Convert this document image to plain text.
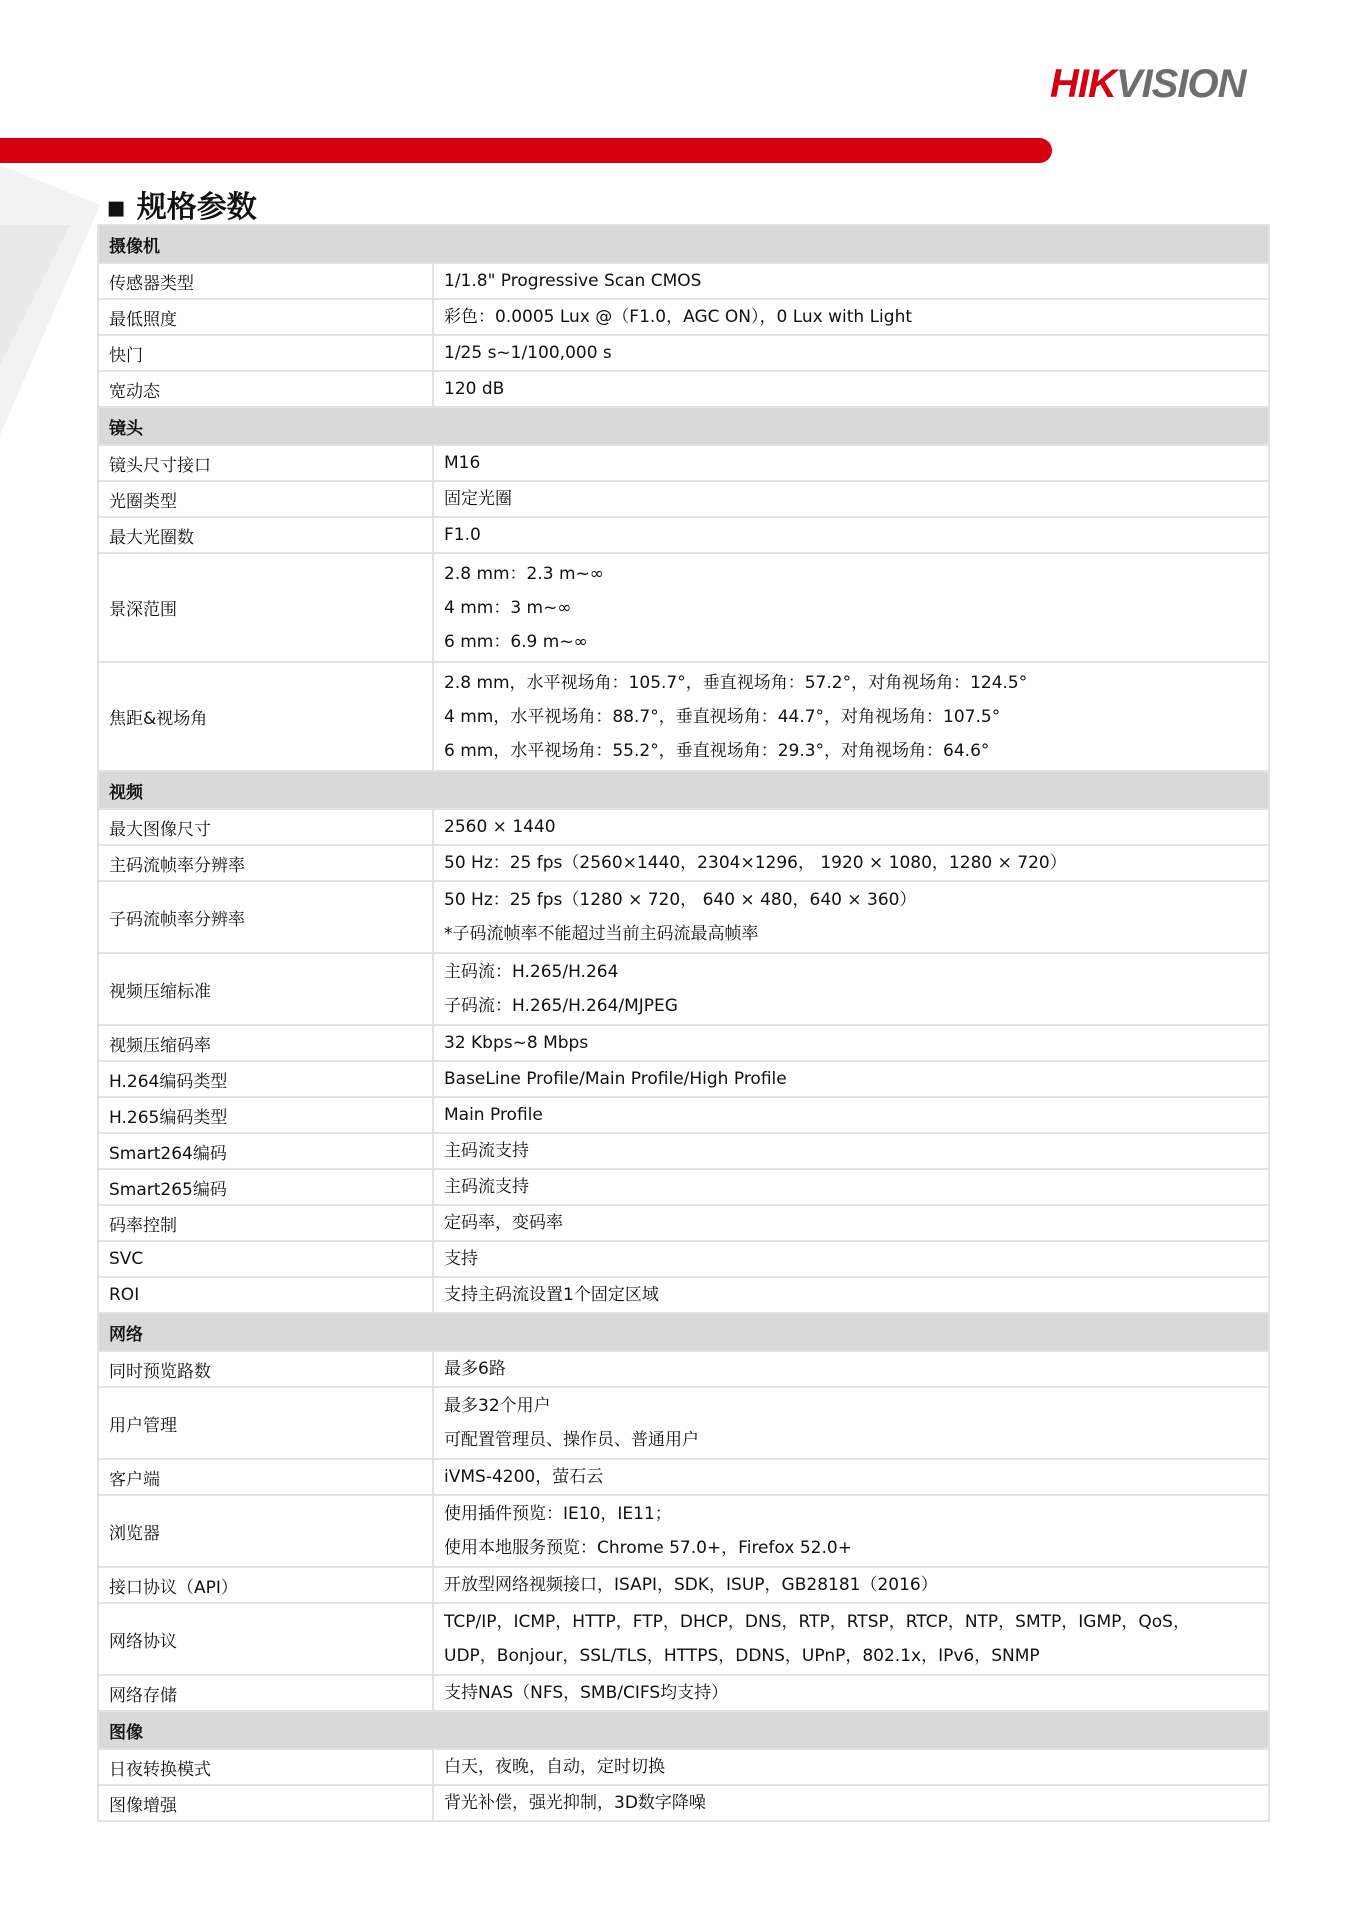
HIKVISION
▪ 规格参数
摄像机	
传感器类型	1/1.8" Progressive Scan CMOS

最低照度	彩色：0.0005 Lux @（F1.0，AGC ON），0 Lux with Light

快门	1/25 s~1/100,000 s

宽动态	120 dB

镜头	
镜头尺寸接口	M16

光圈类型	固定光圈

最大光圈数	F1.0

景深范围	2.8 mm：2.3 m~∞
4 mm：3 m~∞
6 mm：6.9 m~∞

焦距&视场角	2.8 mm，水平视场角：105.7°，垂直视场角：57.2°，对角视场角：124.5°
4 mm，水平视场角：88.7°，垂直视场角：44.7°，对角视场角：107.5°
6 mm，水平视场角：55.2°，垂直视场角：29.3°，对角视场角：64.6°

视频	
最大图像尺寸	2560 × 1440

主码流帧率分辨率	50 Hz：25 fps（2560×1440，2304×1296， 1920 × 1080，1280 × 720）

子码流帧率分辨率	50 Hz：25 fps（1280 × 720， 640 × 480，640 × 360）
*子码流帧率不能超过当前主码流最高帧率

视频压缩标准	主码流：H.265/H.264
子码流：H.265/H.264/MJPEG

视频压缩码率	32 Kbps~8 Mbps

H.264编码类型	BaseLine Profile/Main Profile/High Profile

H.265编码类型	Main Profile

Smart264编码	主码流支持

Smart265编码	主码流支持

码率控制	定码率，变码率

SVC	支持

ROI	支持主码流设置1个固定区域

网络	
同时预览路数	最多6路

用户管理	最多32个用户
可配置管理员、操作员、普通用户

客户端	iVMS-4200，萤石云

浏览器	使用插件预览：IE10，IE11；
使用本地服务预览：Chrome 57.0+，Firefox 52.0+

接口协议（API）	开放型网络视频接口，ISAPI，SDK，ISUP，GB28181（2016）

网络协议	TCP/IP，ICMP，HTTP，FTP，DHCP，DNS，RTP，RTSP，RTCP，NTP，SMTP，IGMP，QoS，
UDP，Bonjour，SSL/TLS，HTTPS，DDNS，UPnP，802.1x，IPv6，SNMP

网络存储	支持NAS（NFS，SMB/CIFS均支持）

图像	
日夜转换模式	白天，夜晚，自动，定时切换

图像增强	背光补偿，强光抑制，3D数字降噪
